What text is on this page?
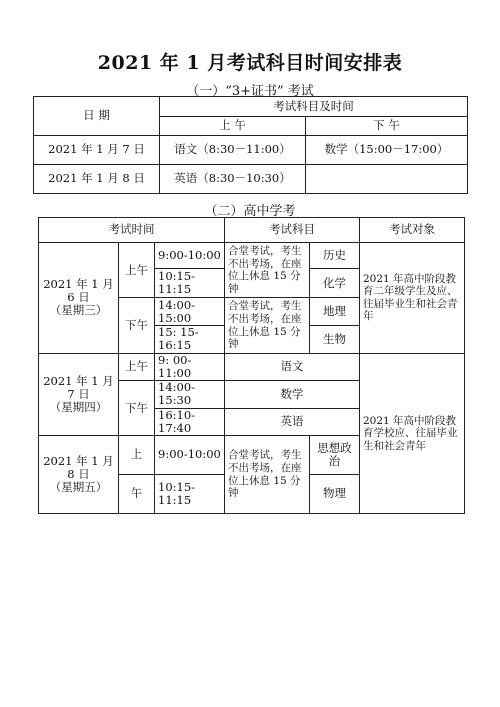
2021 年 1 月考试科目时间安排表
（一）“3+证书” 考试
日 期	考试科目及时间	
	上 午	下 午
2021 年 1 月 7 日	语文（8:30－11:00）	数学（15:00－17:00）
2021 年 1 月 8 日	英语（8:30－10:30）	
（二）高中学考
考试时间			考试科目		考试对象

2021 年 1 月 6 日
（星期三）	上午	9:00-10:00	合堂考试，考生不出考场，在座位上休息 15 分钟	历史	2021 年高中阶段教育二年级学生及应、往届毕业生和社会青年
		10:15-11:15		化学	
	下午	14:00-15:00	合堂考试，考生不出考场，在座位上休息 15 分钟	地理	
		15: 15-16:15		生物	

2021 年 1 月 7 日
（星期四）	上午	9: 00-11:00	语文		2021 年高中阶段教育学校应、往届毕业生和社会青年
	下午	14:00-15:30	数学		
		16:10-17:40	英语		

2021 年 1 月 8 日
（星期五）	上	9:00-10:00	合堂考试，考生不出考场，在座位上休息 15 分钟	思想政治	
	午	10:15-11:15		物理	
